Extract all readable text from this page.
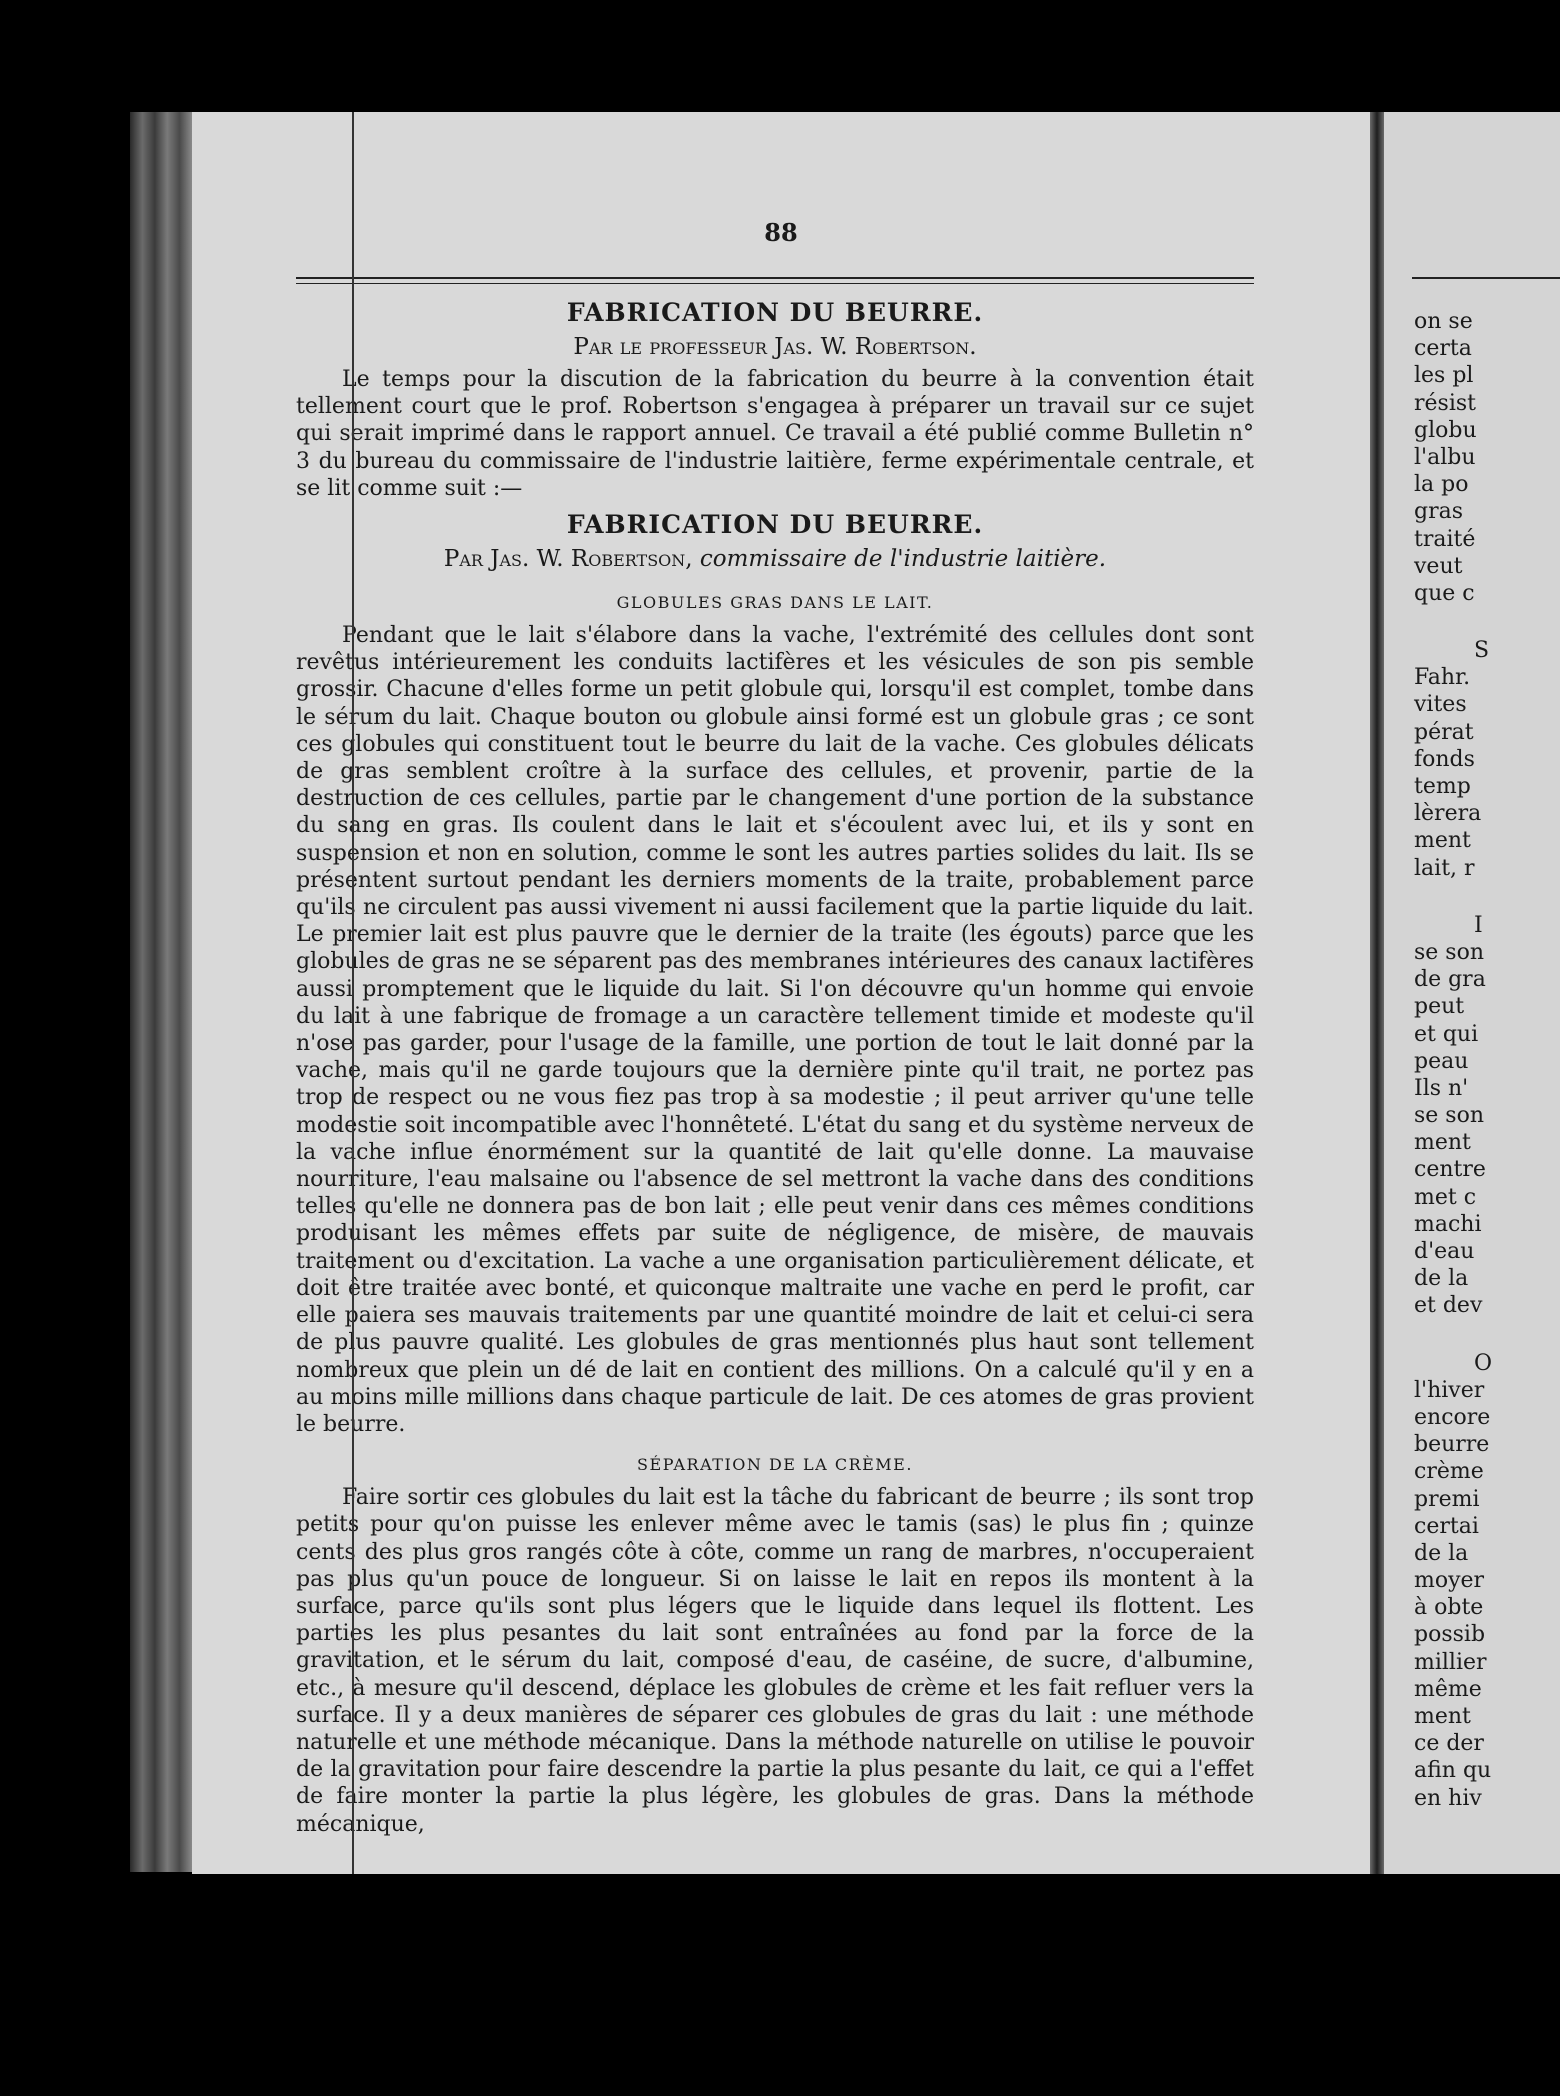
88
FABRICATION DU BEURRE.
Par le professeur Jas. W. Robertson.

Le temps pour la discution de la fabrication du beurre à la convention était tellement court que le prof. Robertson s'engagea à préparer un travail sur ce sujet qui serait imprimé dans le rapport annuel. Ce travail a été publié comme Bulletin n° 3 du bureau du commissaire de l'industrie laitière, ferme expérimentale centrale, et se lit comme suit :—

FABRICATION DU BEURRE.
Par Jas. W. Robertson, commissaire de l'industrie laitière.
GLOBULES GRAS DANS LE LAIT.

Pendant que le lait s'élabore dans la vache, l'extrémité des cellules dont sont revêtus intérieurement les conduits lactifères et les vésicules de son pis semble grossir. Chacune d'elles forme un petit globule qui, lorsqu'il est complet, tombe dans le sérum du lait. Chaque bouton ou globule ainsi formé est un globule gras ; ce sont ces globules qui constituent tout le beurre du lait de la vache. Ces globules délicats de gras semblent croître à la surface des cellules, et provenir, partie de la destruction de ces cellules, partie par le changement d'une portion de la substance du sang en gras. Ils coulent dans le lait et s'écoulent avec lui, et ils y sont en suspension et non en solution, comme le sont les autres parties solides du lait. Ils se présentent surtout pendant les derniers moments de la traite, probablement parce qu'ils ne circulent pas aussi vivement ni aussi facilement que la partie liquide du lait. Le premier lait est plus pauvre que le dernier de la traite (les égouts) parce que les globules de gras ne se séparent pas des membranes intérieures des canaux lactifères aussi promptement que le liquide du lait. Si l'on découvre qu'un homme qui envoie du lait à une fabrique de fromage a un caractère tellement timide et modeste qu'il n'ose pas garder, pour l'usage de la famille, une portion de tout le lait donné par la vache, mais qu'il ne garde toujours que la dernière pinte qu'il trait, ne portez pas trop de respect ou ne vous fiez pas trop à sa modestie ; il peut arriver qu'une telle modestie soit incompatible avec l'honnêteté. L'état du sang et du système nerveux de la vache influe énormément sur la quantité de lait qu'elle donne. La mauvaise nourriture, l'eau malsaine ou l'absence de sel mettront la vache dans des conditions telles qu'elle ne donnera pas de bon lait ; elle peut venir dans ces mêmes conditions produisant les mêmes effets par suite de négligence, de misère, de mauvais traitement ou d'excitation. La vache a une organisation particulièrement délicate, et doit être traitée avec bonté, et quiconque maltraite une vache en perd le profit, car elle paiera ses mauvais traitements par une quantité moindre de lait et celui-ci sera de plus pauvre qualité. Les globules de gras mentionnés plus haut sont tellement nombreux que plein un dé de lait en contient des millions. On a calculé qu'il y en a au moins mille millions dans chaque particule de lait. De ces atomes de gras provient le beurre.

SÉPARATION DE LA CRÈME.

Faire sortir ces globules du lait est la tâche du fabricant de beurre ; ils sont trop petits pour qu'on puisse les enlever même avec le tamis (sas) le plus fin ; quinze cents des plus gros rangés côte à côte, comme un rang de marbres, n'occuperaient pas plus qu'un pouce de longueur. Si on laisse le lait en repos ils montent à la surface, parce qu'ils sont plus légers que le liquide dans lequel ils flottent. Les parties les plus pesantes du lait sont entraînées au fond par la force de la gravitation, et le sérum du lait, composé d'eau, de caséine, de sucre, d'albumine, etc., à mesure qu'il descend, déplace les globules de crème et les fait refluer vers la surface. Il y a deux manières de séparer ces globules de gras du lait : une méthode naturelle et une méthode mécanique. Dans la méthode naturelle on utilise le pouvoir de la gravitation pour faire descendre la partie la plus pesante du lait, ce qui a l'effet de faire monter la partie la plus légère, les globules de gras. Dans la méthode mécanique,

on se
certa
les pl
résist
globu
l'albu
la po
gras
traité
veut
que c
S
Fahr.
vites
pérat
fonds
temp
lèrera
ment
lait, r
I
se son
de gra
peut
et qui
peau
Ils n'
se son
ment
centre
met c
machi
d'eau
de la
et dev
O
l'hiver
encore
beurre
crème
premi
certai
de la
moyer
à obte
possib
millier
même
ment
ce der
afin qu
en hiv
